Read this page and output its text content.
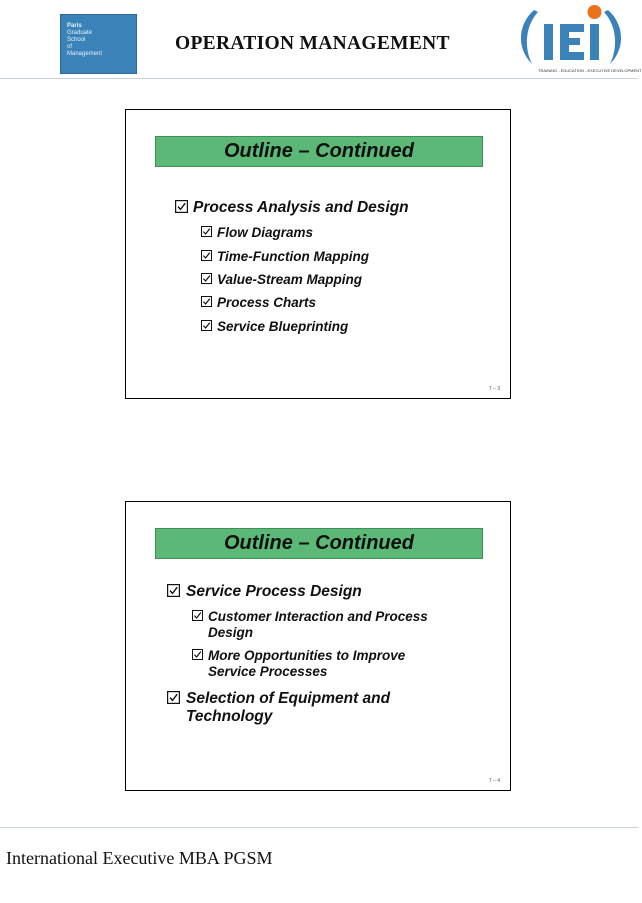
Paris
Graduate
School
of
Management	OPERATION MANAGEMENT
TRAINING - EDUCATION - EXECUTIVE DEVELOPMENT
Outline – Continued
Process Analysis and Design
Flow Diagrams
Time-Function Mapping
Value-Stream Mapping
Process Charts
Service Blueprinting
7 – 3
Outline – Continued
Service Process Design
Customer Interaction and Process Design
More Opportunities to Improve Service Processes
Selection of Equipment and Technology
7 – 4
International Executive MBA PGSM
